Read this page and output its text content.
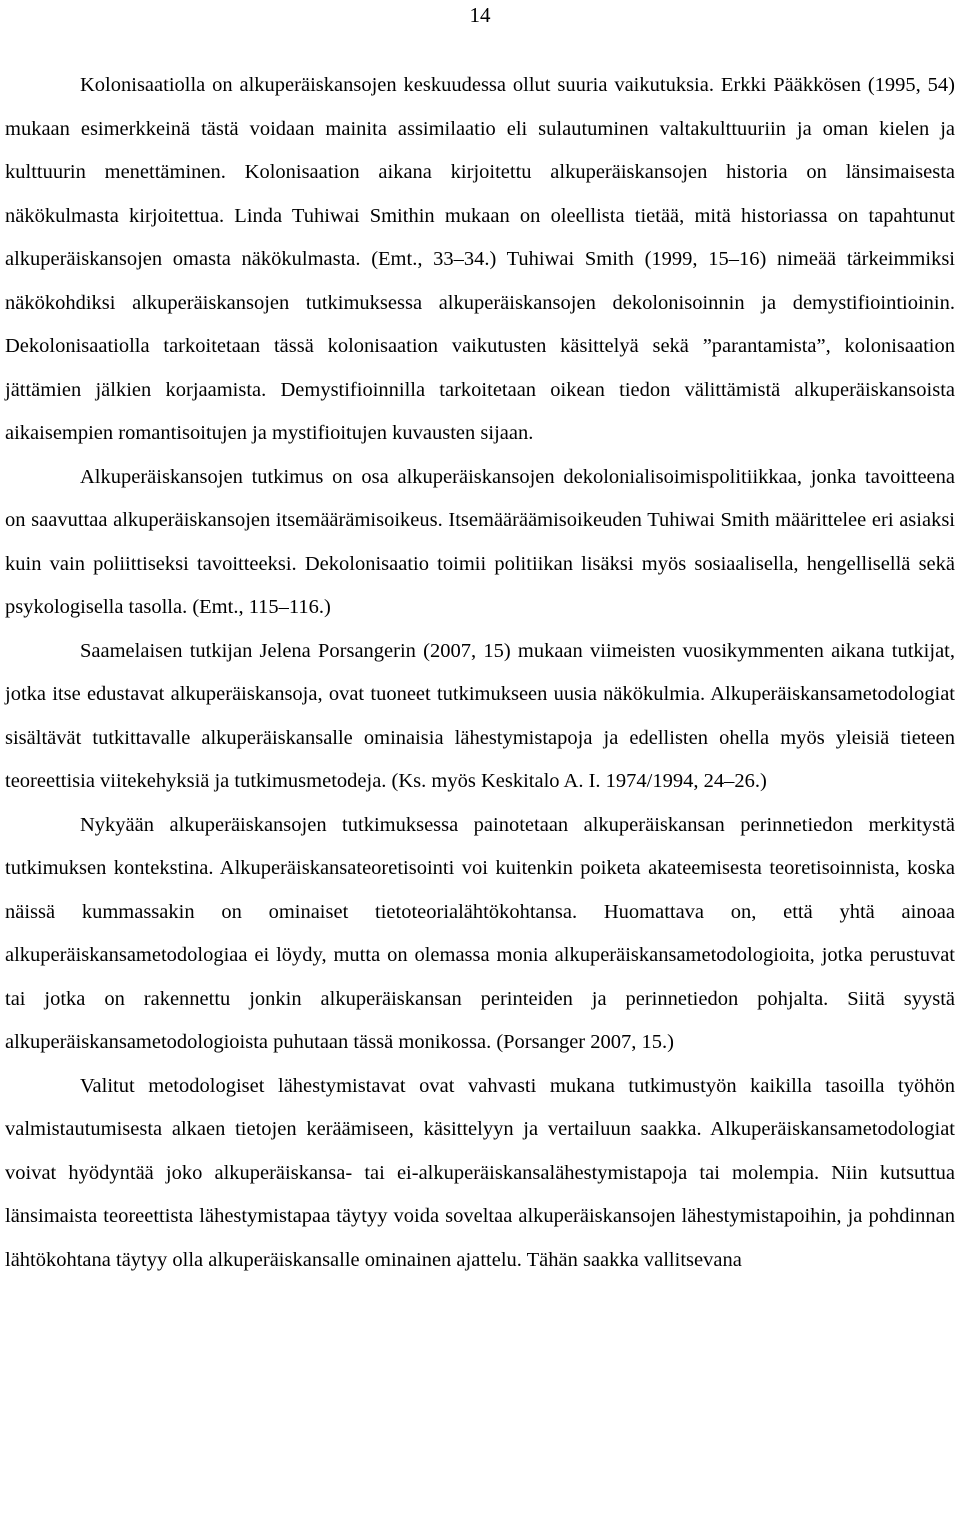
14

Kolonisaatiolla on alkuperäiskansojen keskuudessa ollut suuria vaikutuksia. Erkki Pääkkösen (1995, 54) mukaan esimerkkeinä tästä voidaan mainita assimilaatio eli sulautuminen valtakulttuuriin ja oman kielen ja kulttuurin menettäminen. Kolonisaation aikana kirjoitettu alkuperäiskansojen historia on länsimaisesta näkökulmasta kirjoitettua. Linda Tuhiwai Smithin mukaan on oleellista tietää, mitä historiassa on tapahtunut alkuperäiskansojen omasta näkökulmasta. (Emt., 33–34.) Tuhiwai Smith (1999, 15–16) nimeää tärkeimmiksi näkökohdiksi alkuperäiskansojen tutkimuksessa alkuperäiskansojen dekolonisoinnin ja demystifiointioinin. Dekolonisaatiolla tarkoitetaan tässä kolonisaation vaikutusten käsittelyä sekä ”parantamista”, kolonisaation jättämien jälkien korjaamista. Demystifioinnilla tarkoitetaan oikean tiedon välittämistä alkuperäiskansoista aikaisempien romantisoitujen ja mystifioitujen kuvausten sijaan.

Alkuperäiskansojen tutkimus on osa alkuperäiskansojen dekolonialisoimispolitiikkaa, jonka tavoitteena on saavuttaa alkuperäiskansojen itsemäärämisoikeus. Itsemääräämisoikeuden Tuhiwai Smith määrittelee eri asiaksi kuin vain poliittiseksi tavoitteeksi. Dekolonisaatio toimii politiikan lisäksi myös sosiaalisella, hengellisellä sekä psykologisella tasolla. (Emt., 115–116.)

Saamelaisen tutkijan Jelena Porsangerin (2007, 15) mukaan viimeisten vuosikymmenten aikana tutkijat, jotka itse edustavat alkuperäiskansoja, ovat tuoneet tutkimukseen uusia näkökulmia. Alkuperäiskansametodologiat sisältävät tutkittavalle alkuperäiskansalle ominaisia lähestymistapoja ja edellisten ohella myös yleisiä tieteen teoreettisia viitekehyksiä ja tutkimusmetodeja. (Ks. myös Keskitalo A. I. 1974/1994, 24–26.)

Nykyään alkuperäiskansojen tutkimuksessa painotetaan alkuperäiskansan perinnetiedon merkitystä tutkimuksen kontekstina. Alkuperäiskansateoretisointi voi kuitenkin poiketa akateemisesta teoretisoinnista, koska näissä kummassakin on ominaiset tietoteorialähtökohtansa. Huomattava on, että yhtä ainoaa alkuperäiskansametodologiaa ei löydy, mutta on olemassa monia alkuperäiskansametodologioita, jotka perustuvat tai jotka on rakennettu jonkin alkuperäiskansan perinteiden ja perinnetiedon pohjalta. Siitä syystä alkuperäiskansametodologioista puhutaan tässä monikossa. (Porsanger 2007, 15.)

Valitut metodologiset lähestymistavat ovat vahvasti mukana tutkimustyön kaikilla tasoilla työhön valmistautumisesta alkaen tietojen keräämiseen, käsittelyyn ja vertailuun saakka. Alkuperäiskansametodologiat voivat hyödyntää joko alkuperäiskansa- tai ei-alkuperäiskansalähestymistapoja tai molempia. Niin kutsuttua länsimaista teoreettista lähestymistapaa täytyy voida soveltaa alkuperäiskansojen lähestymistapoihin, ja pohdinnan lähtökohtana täytyy olla alkuperäiskansalle ominainen ajattelu. Tähän saakka vallitsevana
